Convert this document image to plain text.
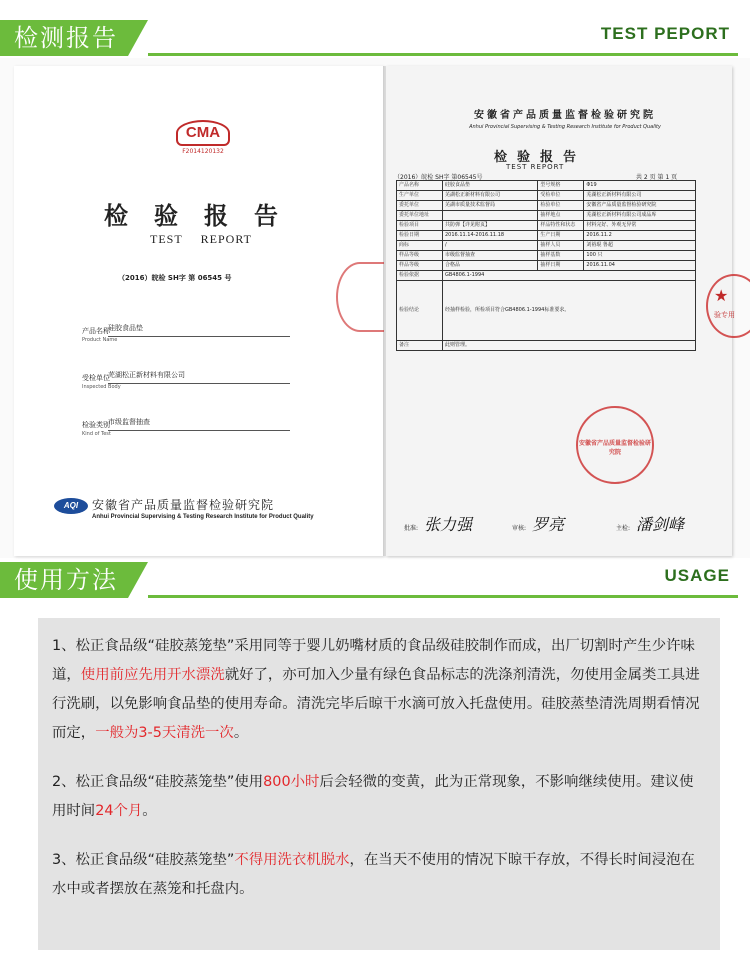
检测报告	TEST PEPORT
CMA
F2014120132
检验报告
TEST REPORT
（2016）皖检 SH字 第 06545 号
产品名称
Product Name
硅胶食品垫
受检单位
Inspected Body
芜湖松正新材料有限公司
检验类别
Kind of Test
市级监督抽查
AQI	安徽省产品质量监督检验研究院
Anhui Provincial Supervising & Testing Research Institute for Product Quality
安徽省产品质量监督检验研究院
Anhui Provincial Supervising & Testing Research Institute for Product Quality
检验报告
TEST REPORT
（2016）皖检 SH字 第06545号	共 2 页 第 1 页
产品名称	硅胶食品垫	型号规格	Φ19
生产单位	芜湖松正新材料有限公司	受检单位	芜湖松正新材料有限公司
委托单位	芜湖市质量技术监督局	检验单位	安徽省产品质量监督检验研究院
委托单位地址		抽样地点	芜湖松正新材料有限公司成品库
检验项目	共防弹【详见附页】	样品特性和状态	材料完好、外观无异常
检验日期	2016.11.14-2016.11.18	生产日期	2016.11.2
商标	/	抽样人员	刘裕琨 鲁超
样品等级	市级监督抽查	抽样基数	100 只
样品等级	合格品	抽样日期	2016.11.04
检验依据	GB4806.1-1994		
检验结论	经抽样检验，所检项目符合GB4806.1-1994标准要求。		
备注	此则管理。		
安徽省产品质量监督检验研究院
批准: 张力强	审核: 罗亮	主检: 潘剑峰
★
验专用
使用方法	USAGE

1、松正食品级“硅胶蒸笼垫”采用同等于婴儿奶嘴材质的食品级硅胶制作而成，出厂切割时产生少许味道，使用前应先用开水漂洗就好了，亦可加入少量有绿色食品标志的洗涤剂清洗，勿使用金属类工具进行洗刷，以免影响食品垫的使用寿命。清洗完毕后晾干水滴可放入托盘使用。硅胶蒸垫清洗周期看情况而定，一般为3-5天清洗一次。

2、松正食品级“硅胶蒸笼垫”使用800小时后会轻微的变黄，此为正常现象，不影响继续使用。建议使用时间24个月。

3、松正食品级“硅胶蒸笼垫”不得用洗衣机脱水，在当天不使用的情况下晾干存放，不得长时间浸泡在水中或者摆放在蒸笼和托盘内。
